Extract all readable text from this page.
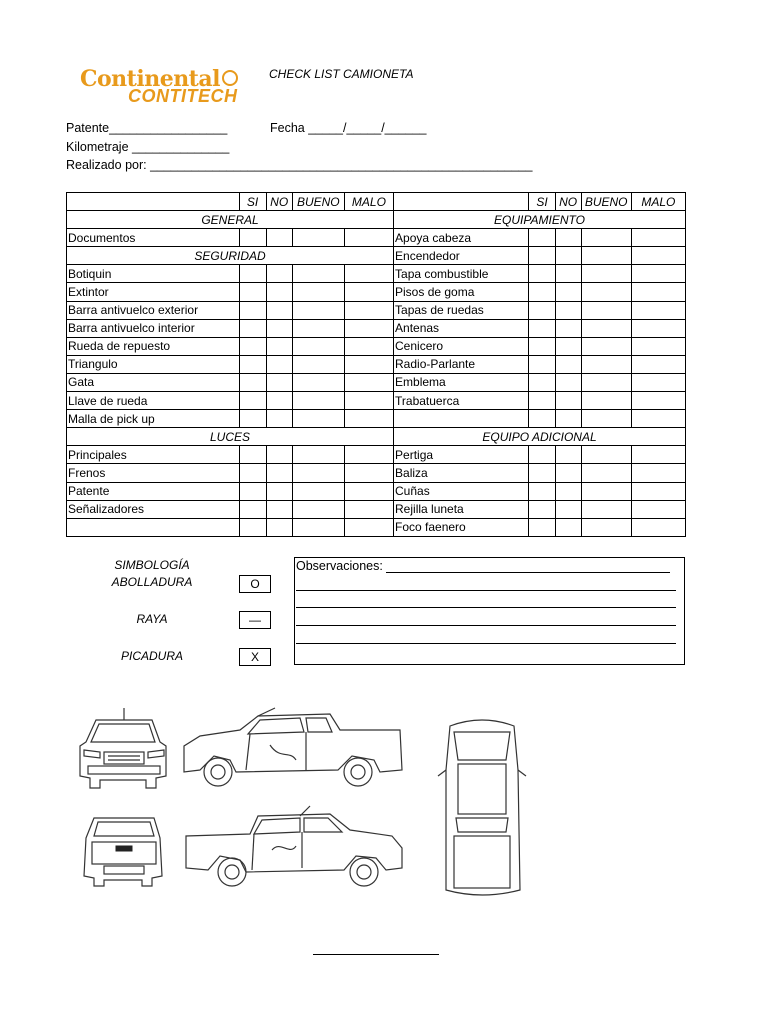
Continental
CONTITECH
CHECK LIST CAMIONETA
Patente_________________	Fecha _____/_____/______
Kilometraje ______________
Realizado por: _______________________________________________________
	SI	NO	BUENO	MALO		SI	NO	BUENO	MALO
GENERAL					EQUIPAMIENTO				
Documentos					Apoya cabeza				
SEGURIDAD					Encendedor				
Botiquin					Tapa combustible				
Extintor					Pisos de goma				
Barra antivuelco exterior					Tapas de ruedas				
Barra antivuelco interior					Antenas				
Rueda de repuesto					Cenicero				
Triangulo					Radio-Parlante				
Gata					Emblema				
Llave de rueda					Trabatuerca				
Malla de pick up									
LUCES					EQUIPO ADICIONAL				
Principales					Pertiga				
Frenos					Baliza				
Patente					Cuñas				
Señalizadores					Rejilla luneta				
					Foco faenero				
SIMBOLOGÍA
ABOLLADURA	O
RAYA	—
PICADURA	X
Observaciones:
